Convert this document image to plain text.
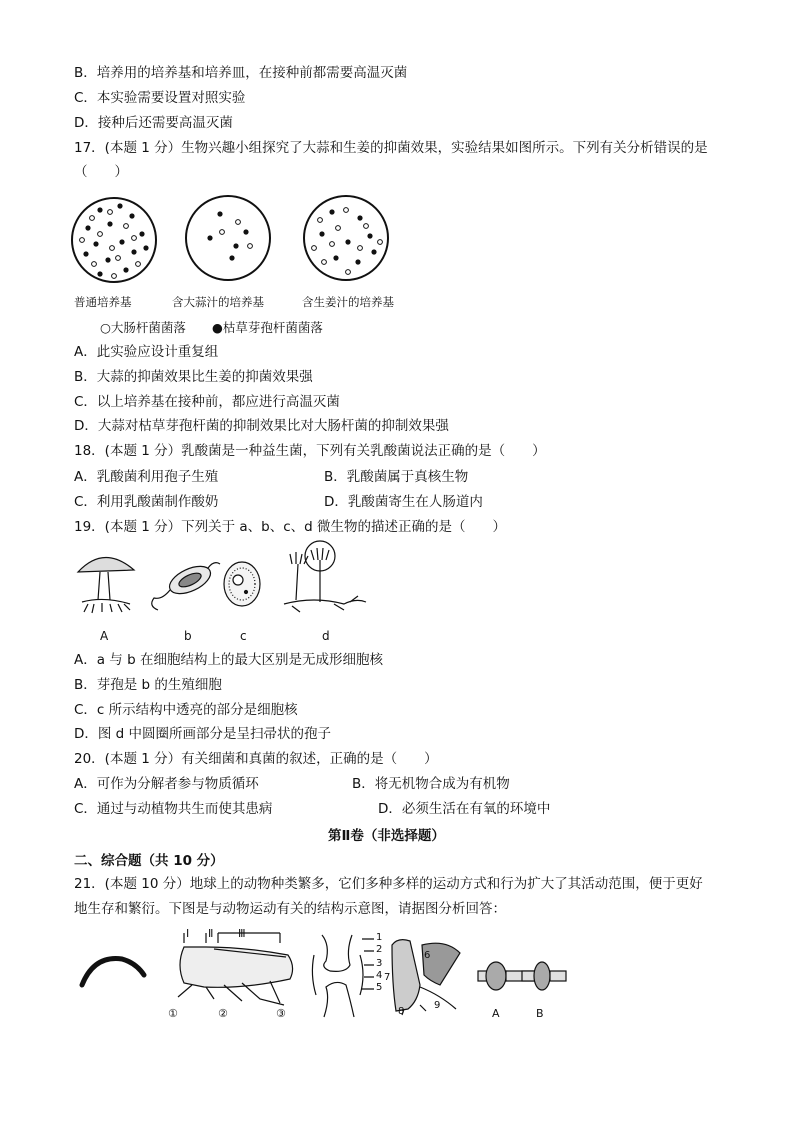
B．培养用的培养基和培养皿，在接种前都需要高温灭菌
C．本实验需要设置对照实验
D．接种后还需要高温灭菌
17．(本题 1 分）生物兴趣小组探究了大蒜和生姜的抑菌效果，实验结果如图所示。下列有关分析错误的是
（　　）
普通培养基	含大蒜汁的培养基	含生姜汁的培养基
○大肠杆菌菌落 ●枯草芽孢杆菌菌落
A．此实验应设计重复组
B．大蒜的抑菌效果比生姜的抑菌效果强
C．以上培养基在接种前，都应进行高温灭菌
D．大蒜对枯草芽孢杆菌的抑制效果比对大肠杆菌的抑制效果强
18．(本题 1 分）乳酸菌是一种益生菌，下列有关乳酸菌说法正确的是（　　）
A．乳酸菌利用孢子生殖	B．乳酸菌属于真核生物
C．利用乳酸菌制作酸奶	D．乳酸菌寄生在人肠道内
19．(本题 1 分）下列关于 a、b、c、d 微生物的描述正确的是（　　）
A	b	c	d
A．a 与 b 在细胞结构上的最大区别是无成形细胞核
B．芽孢是 b 的生殖细胞
C．c 所示结构中透亮的部分是细胞核
D．图 d 中圆圈所画部分是呈扫帚状的孢子
20．(本题 1 分）有关细菌和真菌的叙述，正确的是（　　）
A．可作为分解者参与物质循环	B．将无机物合成为有机物
C．通过与动植物共生而使其患病	D．必须生活在有氧的环境中
第Ⅱ卷（非选择题）
二、综合题（共 10 分）
21．(本题 10 分）地球上的动物种类繁多，它们多种多样的运动方式和行为扩大了其活动范围，便于更好
地生存和繁衍。下图是与动物运动有关的结构示意图，请据图分析回答：
Ⅰ Ⅱ Ⅲ
①	②	③
1
2
3
4
5
6
7
8
9
A	B
